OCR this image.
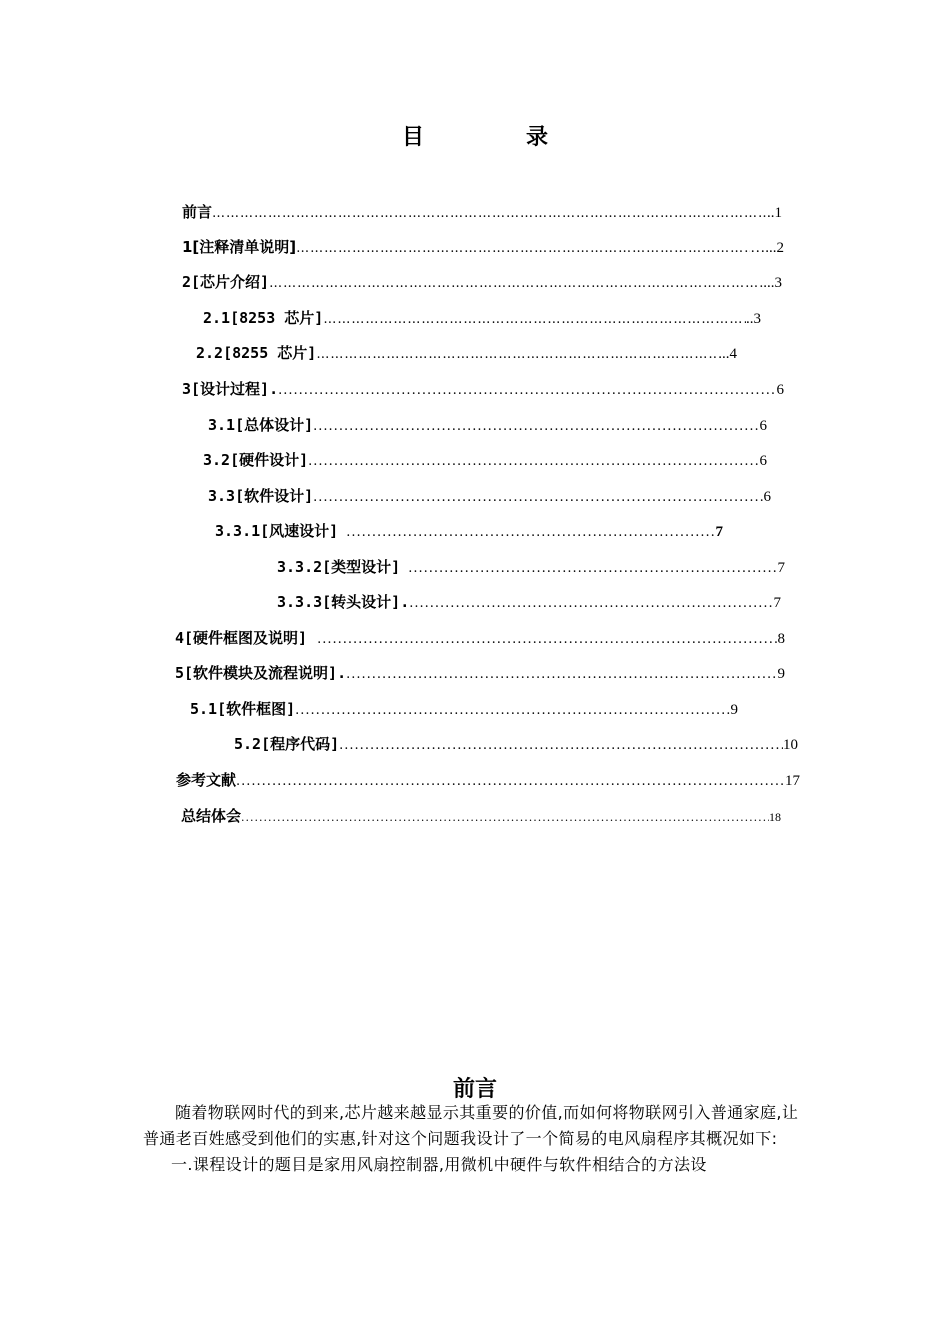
目　录
前言 ………………………………………………………………………………………………………………………………………………………………………………………………………………………	..1
1[注释清单说明] ………………………………………………………………………………………………………………………………………………………………………………………………………………………	…...2
2[芯片介绍] ………………………………………………………………………………………………………………………………………………………………………………………………………………………	...3
2.1[8253 芯片] ………………………………………………………………………………………………………………………………………………………………………………………………………………………	..3
2.2[8255 芯片] ………………………………………………………………………………………………………………………………………………………………………………………………………………………	...4
3[设计过程]. .....	6
3.1[总体设计] .....	6
3.2[硬件设计] .....	6
3.3[软件设计] .....	6
3.3.1[风速设计] .....	7
3.3.2[类型设计] .....	7
3.3.3[转头设计]. .....	7
4[硬件框图及说明] .....	8
5[软件模块及流程说明]. .....	9
5.1[软件框图] .....	9
5.2[程序代码] .....	10
参考文献 .....	17
总结体会 .....	18
前言

随着物联网时代的到来,芯片越来越显示其重要的价值,而如何将物联网引入普通家庭,让普通老百姓感受到他们的实惠,针对这个问题我设计了一个简易的电风扇程序其概况如下:

一.课程设计的题目是家用风扇控制器,用微机中硬件与软件相结合的方法设
